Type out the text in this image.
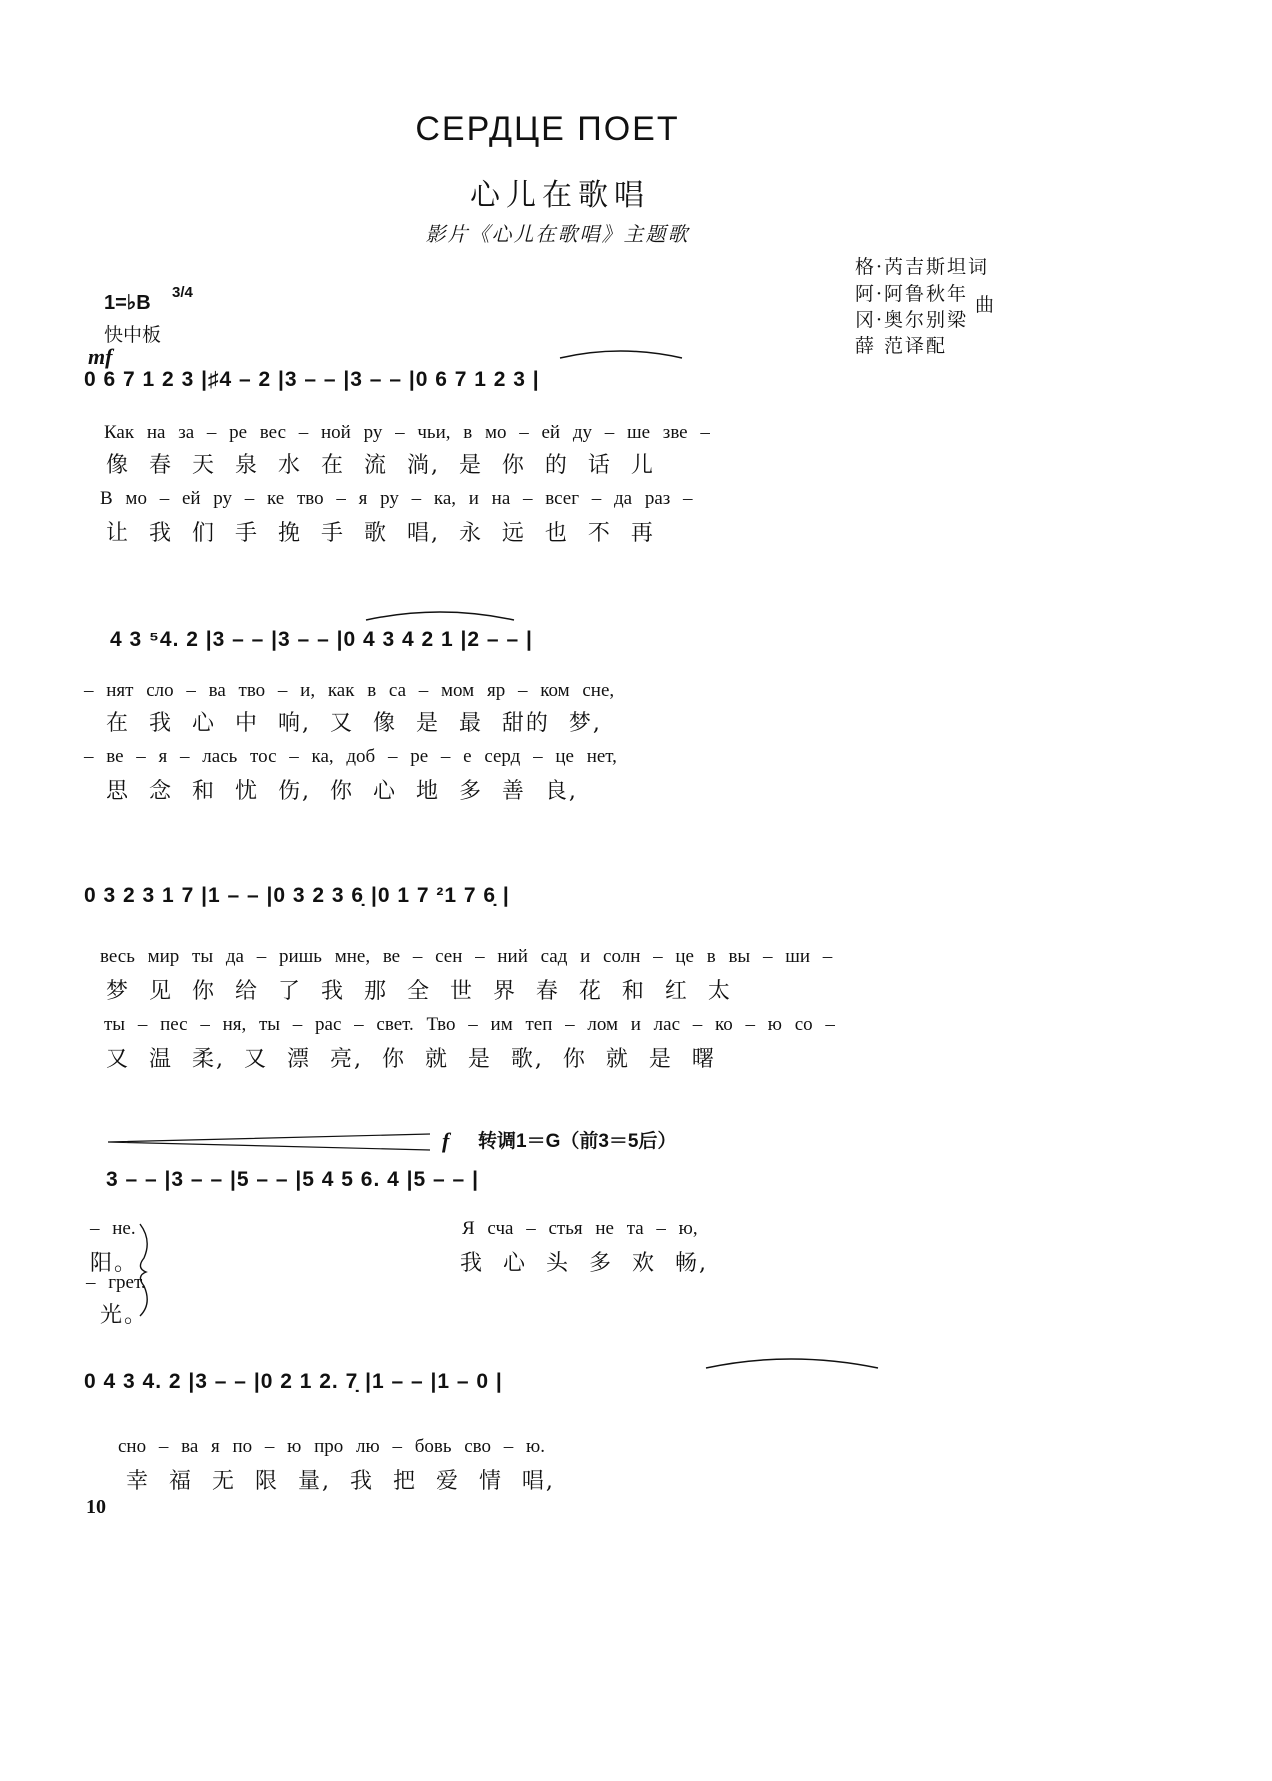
СЕРДЦЕ ПОЕТ
心儿在歌唱
影片《心儿在歌唱》主题歌
格·芮吉斯坦词
阿·阿鲁秋年
冈·奥尔别梁
曲
薛 范译配
1=♭B 3/4
快中板
mf
0 6 7 1 2 3 |♯4 – 2 |3 – – |3 – – |0 6 7 1 2 3 |
Как на за – ре вес – ной ру – чьи, в мо – ей ду – ше зве –
像 春 天 泉 水 在 流 淌, 是 你 的 话 儿
В мо – ей ру – ке тво – я ру – ка, и на – всег – да раз –
让 我 们 手 挽 手 歌 唱, 永 远 也 不 再
4 3 ⁵4. 2 |3 – – |3 – – |0 4 3 4 2 1 |2 – – |
– нят сло – ва тво – и, как в са – мом яр – ком сне,
在 我 心 中 响, 又 像 是 最 甜的 梦,
– ве – я – лась тос – ка, доб – ре – е серд – це нет,
思 念 和 忧 伤, 你 心 地 多 善 良,
0 3 2 3 1 7 |1 – – |0 3 2 3 6̣ |0 1 7 ²1 7 6̣ |
весь мир ты да – ришь мне, ве – сен – ний сад и солн – це в вы – ши –
梦 见 你 给 了 我 那 全 世 界 春 花 和 红 太
ты – пес – ня, ты – рас – свет. Тво – им теп – лом и лас – ко – ю со –
又 温 柔, 又 漂 亮, 你 就 是 歌, 你 就 是 曙
f 转调1＝G（前3＝5后）
3 – – |3 – – |5 – – |5 4 5 6. 4 |5 – – |
– не.
阳。
– грет.
光。
Я сча – стья не та – ю,
我 心 头 多 欢 畅,
0 4 3 4. 2 |3 – – |0 2 1 2. 7̣ |1 – – |1 – 0 |
сно – ва я по – ю про лю – бовь сво – ю.
幸 福 无 限 量, 我 把 爱 情 唱,
10
